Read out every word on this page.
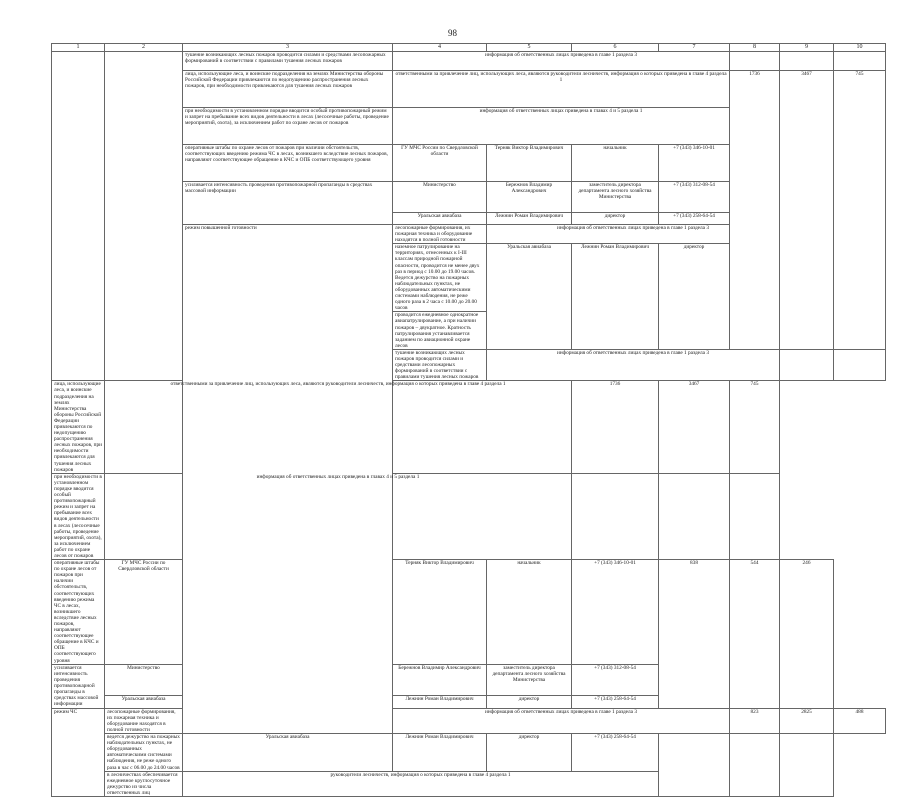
98
1	2	3	4	5	6	7	8	9	10	
		тушение возникающих лесных пожаров проводится силами и средствами лесопожарных формирований в соответствии с правилами тушения лесных пожаров	информация об ответственных лицах приведена в главе 1 раздела 3							
		лица, использующие леса, и воинские подразделения на землях Министерства обороны Российской Федерации привлекаются по недопущению распространения лесных пожаров, при необходимости привлекаются для тушения лесных пожаров	ответственными за привлечение лиц, использующих леса, являются руководители лесничеств, информация о которых приведена в главе 4 раздела 1				1736	3467	745	
		при необходимости в установленном порядке вводится особый противопожарный режим и запрет на пребывание всех видов деятельности в лесах (лесосечные работы, проведение мероприятий, охота), за исключением работ по охране лесов от пожаров	информация об ответственных лицах приведена в главах 4 и 5 раздела 1							
		оперативные штабы по охране лесов от пожаров при наличии обстоятельств, соответствующих введению режима ЧС в лесах, возникшего вследствие лесных пожаров, направляют соответствующее обращение в КЧС и ОПБ соответствующего уровня	ГУ МЧС России по Свердловской области	Терняк Виктор Владимирович	начальник	+7 (343) 346-10-01				
		усиливается интенсивность проведения противопожарной пропаганды в средствах массовой информации	Министерство	Бережнов Владимир Александрович	заместитель директора департамента лесного хозяйства Министерства	+7 (343) 312-08-54				
			Уральская авиабаза	Лежнин Роман Владимирович	директор	+7 (343) 258-64-54				
		режим повышенной готовности	лесопожарные формирования, их пожарная техника и оборудование находятся в полной готовности	информация об ответственных лицах приведена в главе 1 раздела 3			
			наземное патрулирование на территориях, отнесенных к I-III классам природной пожарной опасности, проводится не менее двух раз в период с 10.00 до 19.00 часов. Ведется дежурство на пожарных наблюдательных пунктах, не оборудованных автоматическими системами наблюдения, не реже одного раза в 2 часа с 10.00 до 20.00 часов	Уральская авиабаза	Лежнин Роман Владимирович	директор				
			проводится ежедневное однократное авиапатрулирование, а при наличии пожаров – двукратное. Кратность патрулирования устанавливается заданием по авиационной охране лесов							
			тушение возникающих лесных пожаров проводится силами и средствами лесопожарных формирований в соответствии с правилами тушения лесных пожаров	информация об ответственных лицах приведена в главе 1 раздела 3						
лица, использующие леса, и воинские подразделения на землях Министерства обороны Российской Федерации привлекаются по недопущению распространения лесных пожаров, при необходимости привлекаются для тушения лесных пожаров	ответственными за привлечение лиц, использующих леса, являются руководители лесничеств, информация о которых приведена в главе 4 раздела 1				1736	3467	745			
при необходимости в установленном порядке вводится особый противопожарный режим и запрет на пребывание всех видов деятельности в лесах (лесосечные работы, проведение мероприятий, охота), за исключением работ по охране лесов от пожаров	информация об ответственных лицах приведена в главах 4 и 5 раздела 1									
оперативные штабы по охране лесов от пожаров при наличии обстоятельств, соответствующих введению режима ЧС в лесах, возникшего вследствие лесных пожаров, направляют соответствующее обращение в КЧС и ОПБ соответствующего уровня	ГУ МЧС России по Свердловской области		Терняк Виктор Владимирович	начальник	+7 (343) 346-10-01	838	544	246		
усиливается интенсивность проведения противопожарной пропаганды в средствах массовой информации	Министерство		Бережнов Владимир Александрович	заместитель директора департамента лесного хозяйства Министерства	+7 (343) 312-08-54					
	Уральская авиабаза		Лежнин Роман Владимирович	директор	+7 (343) 258-64-54					
режим ЧС	лесопожарные формирования, их пожарная техника и оборудование находятся в полной готовности		информация об ответственных лицах приведена в главе 1 раздела 3				823	2825	488	
	ведется дежурство на пожарных наблюдательных пунктах, не оборудованных автоматическими системами наблюдения, не реже одного раза в час с 06.00 до 24.00 часов	Уральская авиабаза	Лежнин Роман Владимирович	директор	+7 (343) 258-64-54					
	в лесничествах обеспечивается ежедневное круглосуточное дежурство из числа ответственных лиц	руководители лесничеств, информация о которых приведена в главе 4 раздела 1								
